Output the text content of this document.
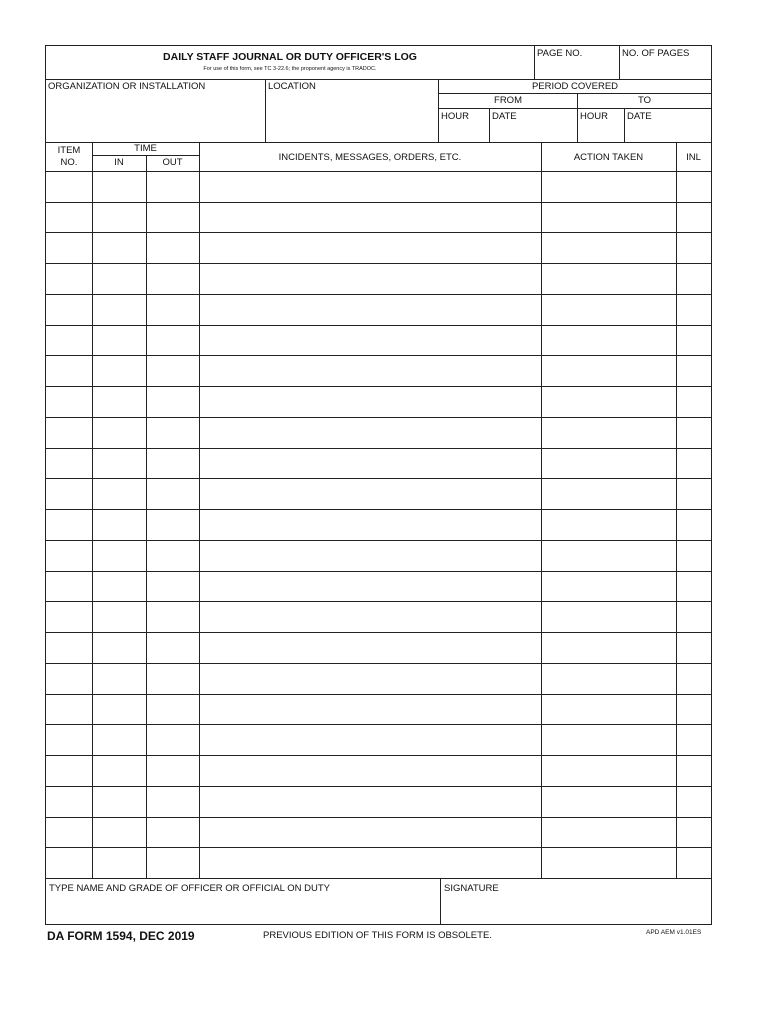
DAILY STAFF JOURNAL OR DUTY OFFICER'S LOG
For use of this form, see TC 3-22.6; the proponent agency is TRADOC.
PAGE NO.	NO. OF PAGES
ORGANIZATION OR INSTALLATION	LOCATION	PERIOD COVERED
FROM	TO
HOUR DATE	HOUR DATE
ITEM
NO.
TIME
IN	OUT	INCIDENTS, MESSAGES, ORDERS, ETC.	ACTION TAKEN	INL
TYPE NAME AND GRADE OF OFFICER OR OFFICIAL ON DUTY	SIGNATURE
DA FORM 1594, DEC 2019	PREVIOUS EDITION OF THIS FORM IS OBSOLETE.	APD AEM v1.01ES
